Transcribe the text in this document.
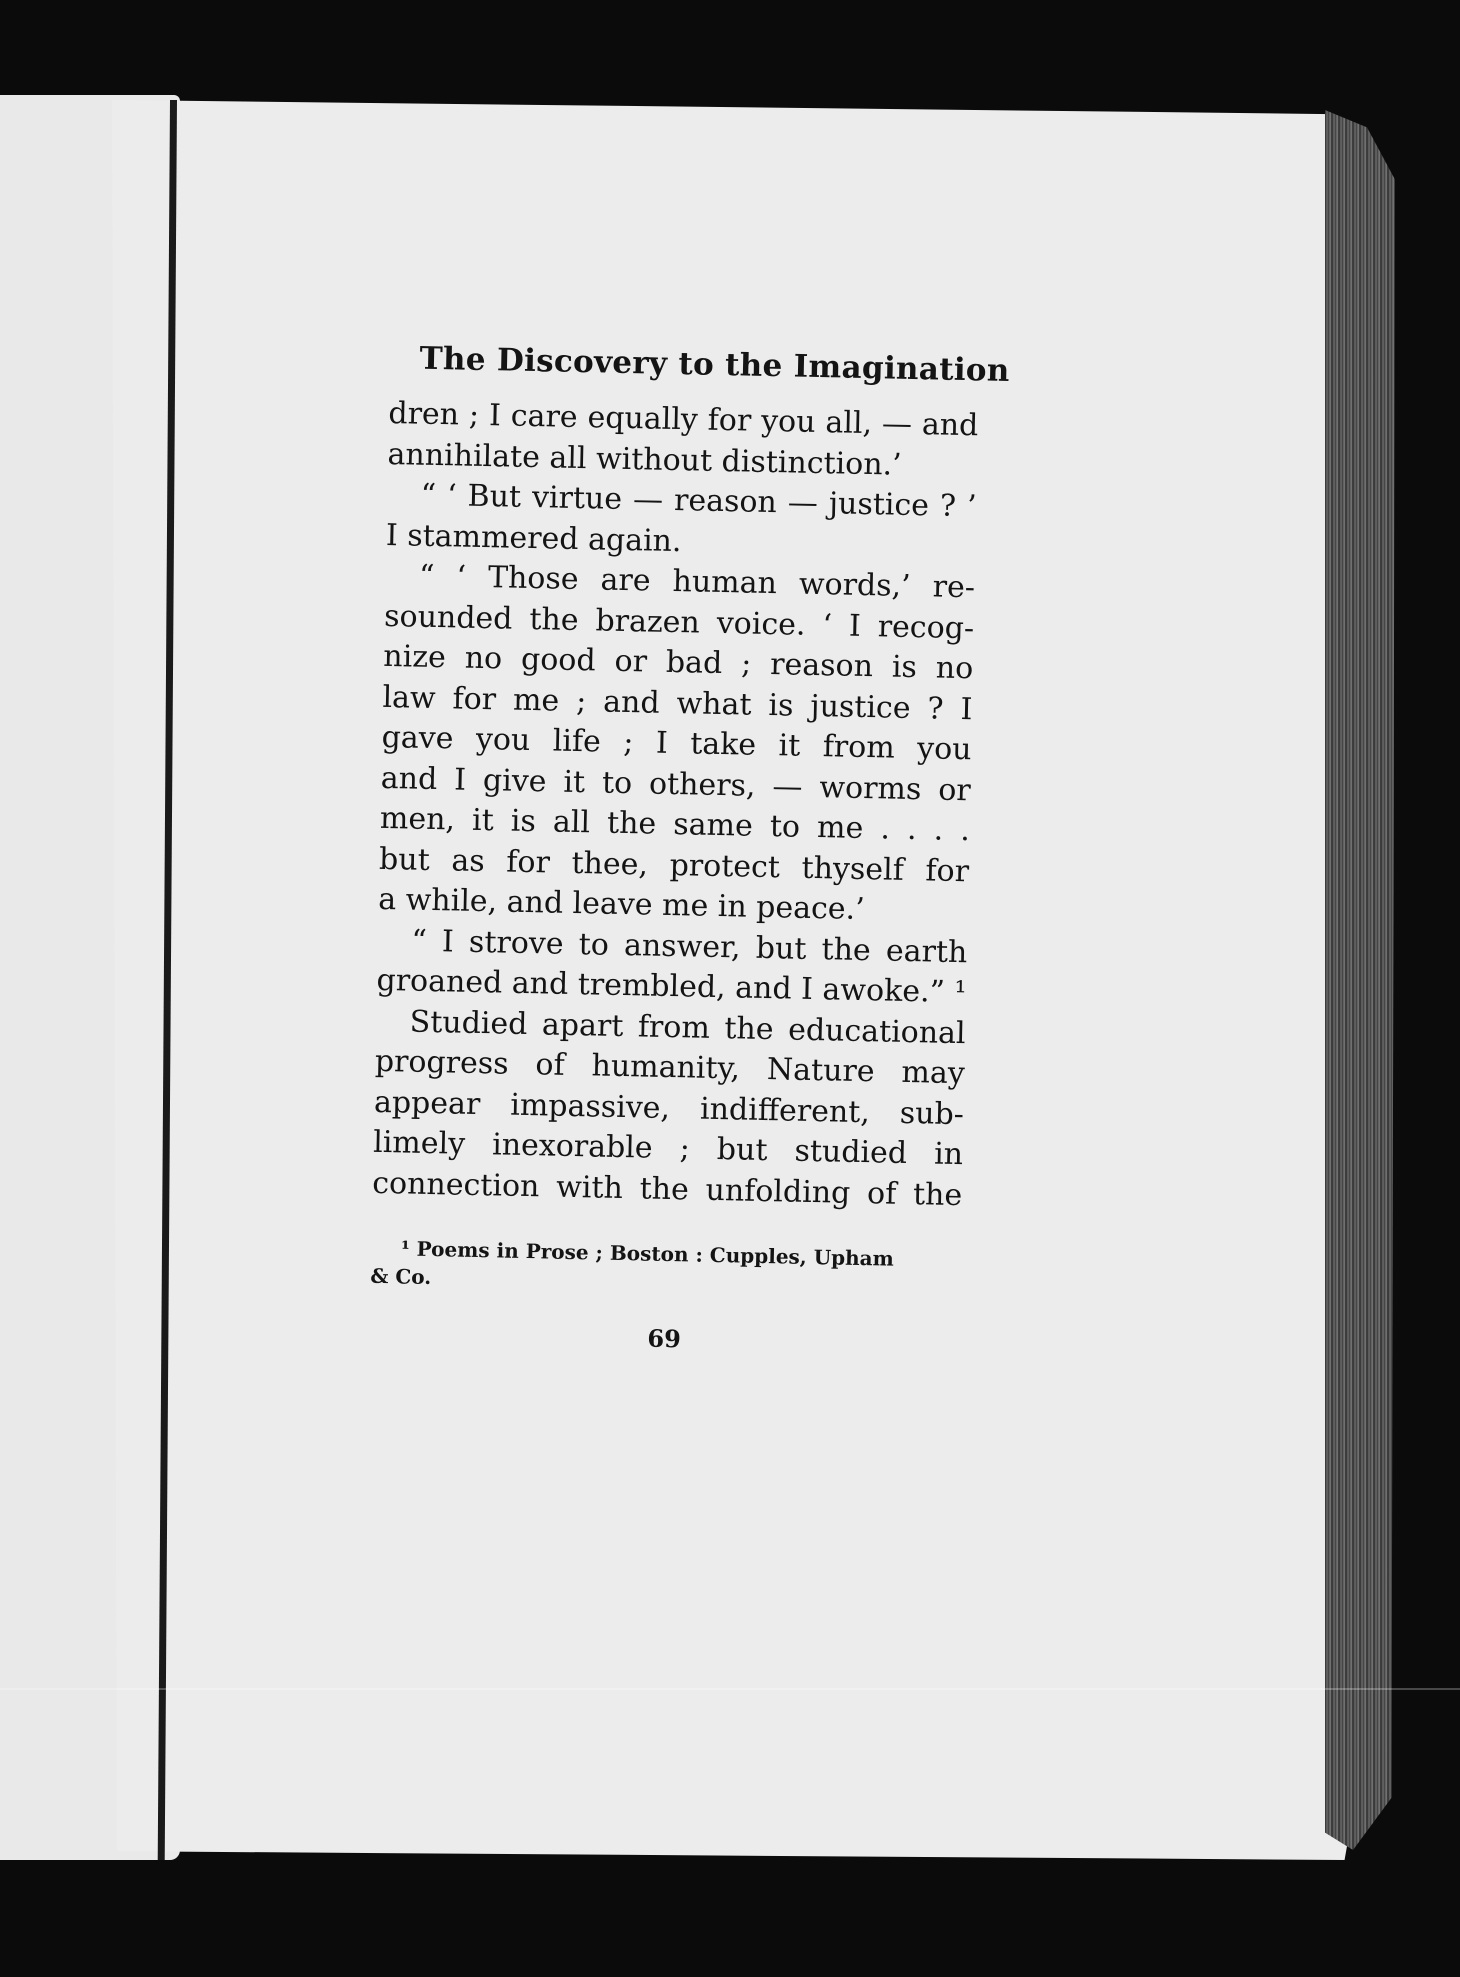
The Discovery to the Imagination
dren ; I care equally for you all, — and
annihilate all without distinction.’
“ ‘ But virtue — reason — justice ? ’
I stammered again.
“ ‘ Those are human words,’ re-
sounded the brazen voice. ‘ I recog-
nize no good or bad ; reason is no
law for me ; and what is justice ? I
gave you life ; I take it from you
and I give it to others, — worms or
men, it is all the same to me . . . .
but as for thee, protect thyself for
a while, and leave me in peace.’
“ I strove to answer, but the earth
groaned and trembled, and I awoke.” ¹
Studied apart from the educational
progress of humanity, Nature may
appear impassive, indifferent, sub-
limely inexorable ; but studied in
connection with the unfolding of the
¹ Poems in Prose ; Boston : Cupples, Upham
& Co.
69
